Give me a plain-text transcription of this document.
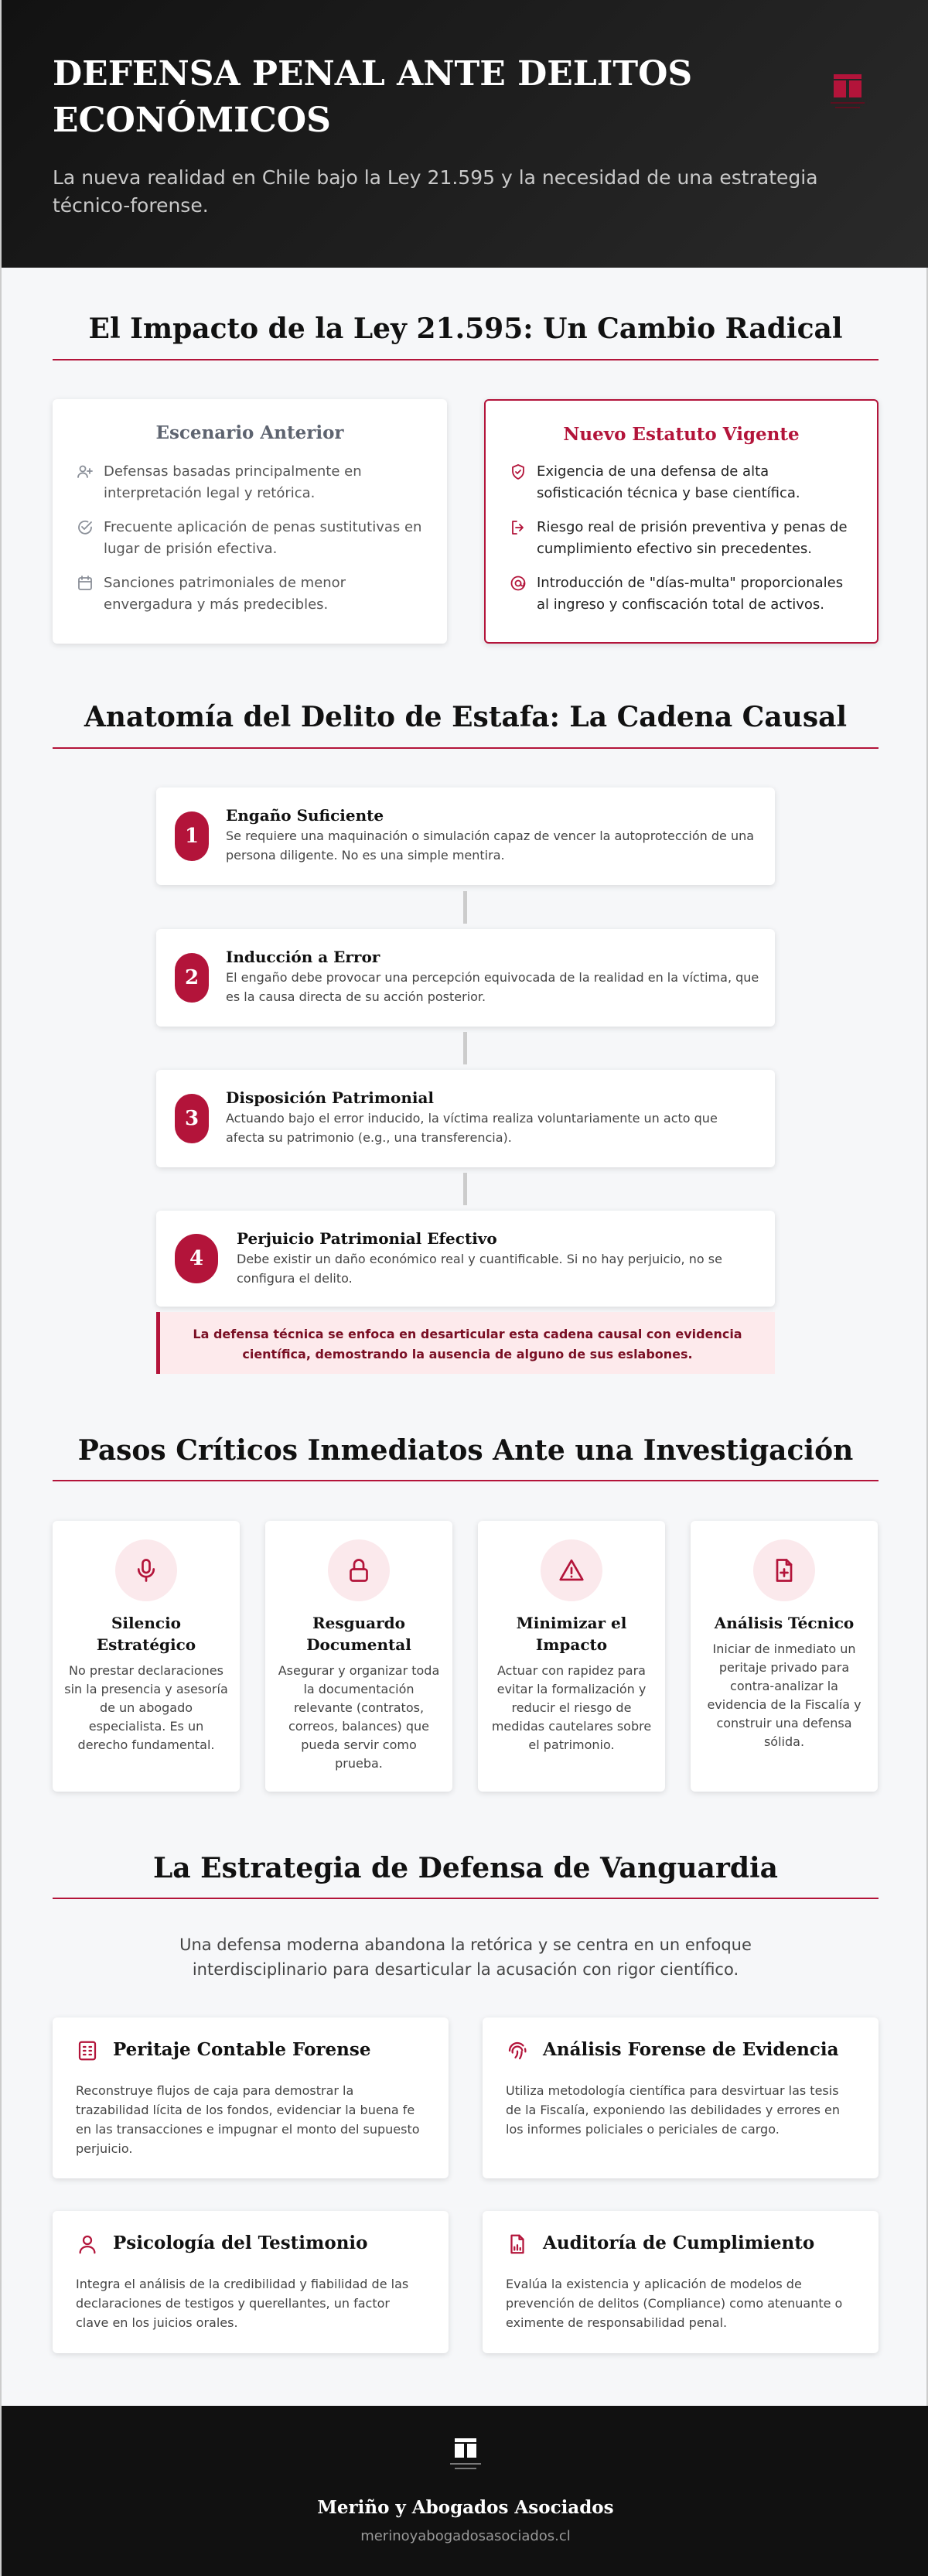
DEFENSA PENAL ANTE DELITOS ECONÓMICOS

La nueva realidad en Chile bajo la Ley 21.595 y la necesidad de una estrategia técnico-forense.

El Impacto de la Ley 21.595: Un Cambio Radical
Escenario Anterior
Defensas basadas principalmente en interpretación legal y retórica.
Frecuente aplicación de penas sustitutivas en lugar de prisión efectiva.
Sanciones patrimoniales de menor envergadura y más predecibles.
Nuevo Estatuto Vigente
Exigencia de una defensa de alta sofisticación técnica y base científica.
Riesgo real de prisión preventiva y penas de cumplimiento efectivo sin precedentes.
Introducción de "días-multa" proporcionales al ingreso y confiscación total de activos.
Anatomía del Delito de Estafa: La Cadena Causal
1
Engaño Suficiente

Se requiere una maquinación o simulación capaz de vencer la autoprotección de una persona diligente. No es una simple mentira.

2
Inducción a Error

El engaño debe provocar una percepción equivocada de la realidad en la víctima, que es la causa directa de su acción posterior.

3
Disposición Patrimonial

Actuando bajo el error inducido, la víctima realiza voluntariamente un acto que afecta su patrimonio (e.g., una transferencia).

4
Perjuicio Patrimonial Efectivo

Debe existir un daño económico real y cuantificable. Si no hay perjuicio, no se configura el delito.

La defensa técnica se enfoca en desarticular esta cadena causal con evidencia científica, demostrando la ausencia de alguno de sus eslabones.
Pasos Críticos Inmediatos Ante una Investigación
Silencio Estratégico

No prestar declaraciones sin la presencia y asesoría de un abogado especialista. Es un derecho fundamental.

Resguardo Documental

Asegurar y organizar toda la documentación relevante (contratos, correos, balances) que pueda servir como prueba.

Minimizar el Impacto

Actuar con rapidez para evitar la formalización y reducir el riesgo de medidas cautelares sobre el patrimonio.

Análisis Técnico

Iniciar de inmediato un peritaje privado para contra-analizar la evidencia de la Fiscalía y construir una defensa sólida.

La Estrategia de Defensa de Vanguardia

Una defensa moderna abandona la retórica y se centra en un enfoque interdisciplinario para desarticular la acusación con rigor científico.

Peritaje Contable Forense

Reconstruye flujos de caja para demostrar la trazabilidad lícita de los fondos, evidenciar la buena fe en las transacciones e impugnar el monto del supuesto perjuicio.

Análisis Forense de Evidencia

Utiliza metodología científica para desvirtuar las tesis de la Fiscalía, exponiendo las debilidades y errores en los informes policiales o periciales de cargo.

Psicología del Testimonio

Integra el análisis de la credibilidad y fiabilidad de las declaraciones de testigos y querellantes, un factor clave en los juicios orales.

Auditoría de Cumplimiento

Evalúa la existencia y aplicación de modelos de prevención de delitos (Compliance) como atenuante o eximente de responsabilidad penal.

Meriño y Abogados Asociados
merinoyabogadosasociados.cl
